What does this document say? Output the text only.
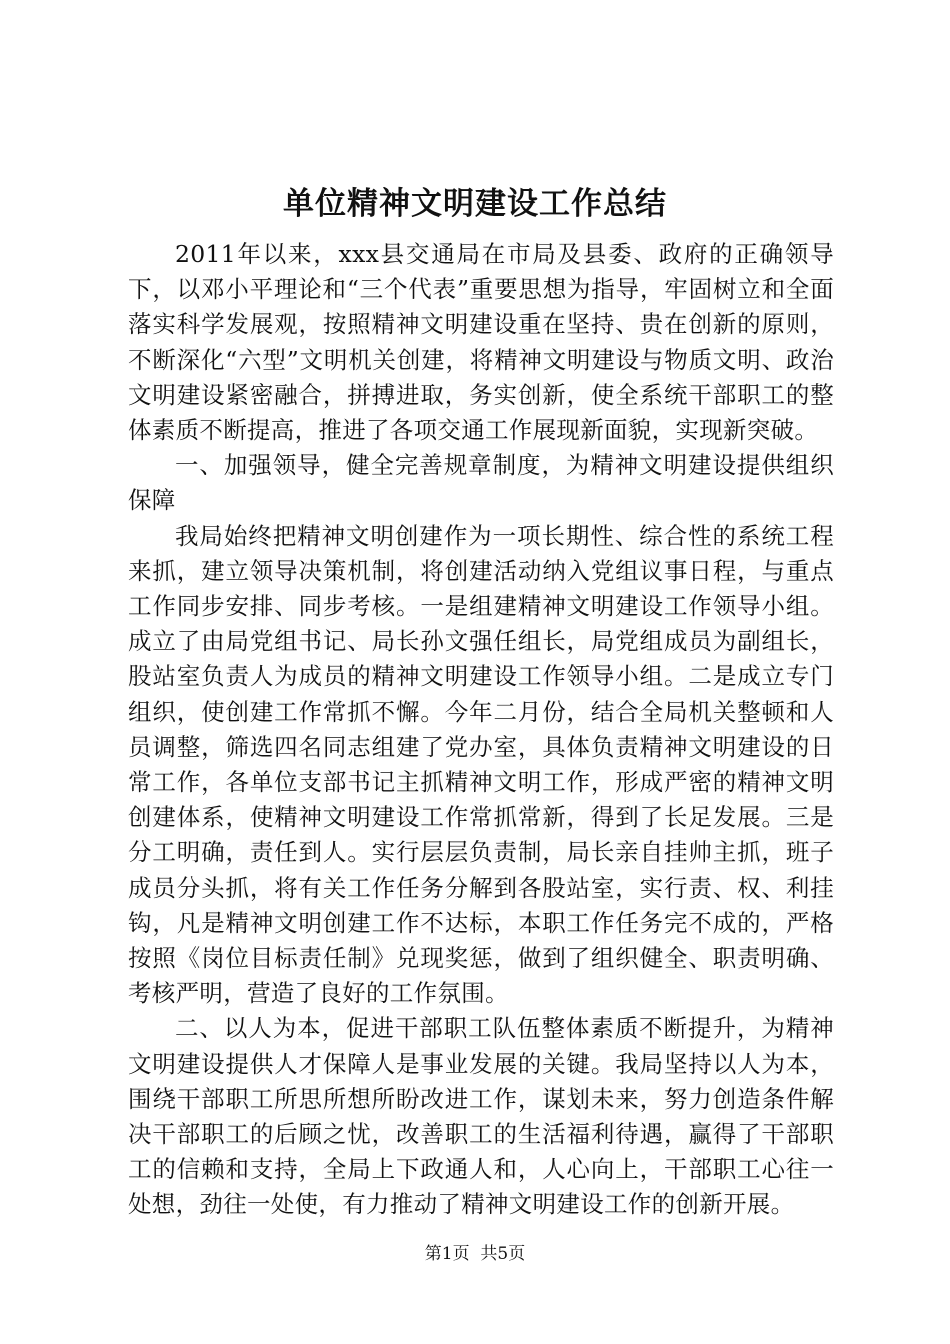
单位精神文明建设工作总结

2011年以来，xxx县交通局在市局及县委、政府的正确领导下，以邓小平理论和“三个代表”重要思想为指导，牢固树立和全面落实科学发展观，按照精神文明建设重在坚持、贵在创新的原则，不断深化“六型”文明机关创建，将精神文明建设与物质文明、政治文明建设紧密融合，拼搏进取，务实创新，使全系统干部职工的整体素质不断提高，推进了各项交通工作展现新面貌，实现新突破。

一、加强领导，健全完善规章制度，为精神文明建设提供组织保障

我局始终把精神文明创建作为一项长期性、综合性的系统工程来抓，建立领导决策机制，将创建活动纳入党组议事日程，与重点工作同步安排、同步考核。一是组建精神文明建设工作领导小组。成立了由局党组书记、局长孙文强任组长，局党组成员为副组长，股站室负责人为成员的精神文明建设工作领导小组。二是成立专门组织，使创建工作常抓不懈。今年二月份，结合全局机关整顿和人员调整，筛选四名同志组建了党办室，具体负责精神文明建设的日常工作，各单位支部书记主抓精神文明工作，形成严密的精神文明创建体系，使精神文明建设工作常抓常新，得到了长足发展。三是分工明确，责任到人。实行层层负责制，局长亲自挂帅主抓，班子成员分头抓，将有关工作任务分解到各股站室，实行责、权、利挂钩，凡是精神文明创建工作不达标，本职工作任务完不成的，严格按照《岗位目标责任制》兑现奖惩，做到了组织健全、职责明确、考核严明，营造了良好的工作氛围。

二、以人为本，促进干部职工队伍整体素质不断提升，为精神文明建设提供人才保障人是事业发展的关键。我局坚持以人为本，围绕干部职工所思所想所盼改进工作，谋划未来，努力创造条件解决干部职工的后顾之忧，改善职工的生活福利待遇，赢得了干部职工的信赖和支持，全局上下政通人和，人心向上，干部职工心往一处想，劲往一处使，有力推动了精神文明建设工作的创新开展。

第1页 共5页
